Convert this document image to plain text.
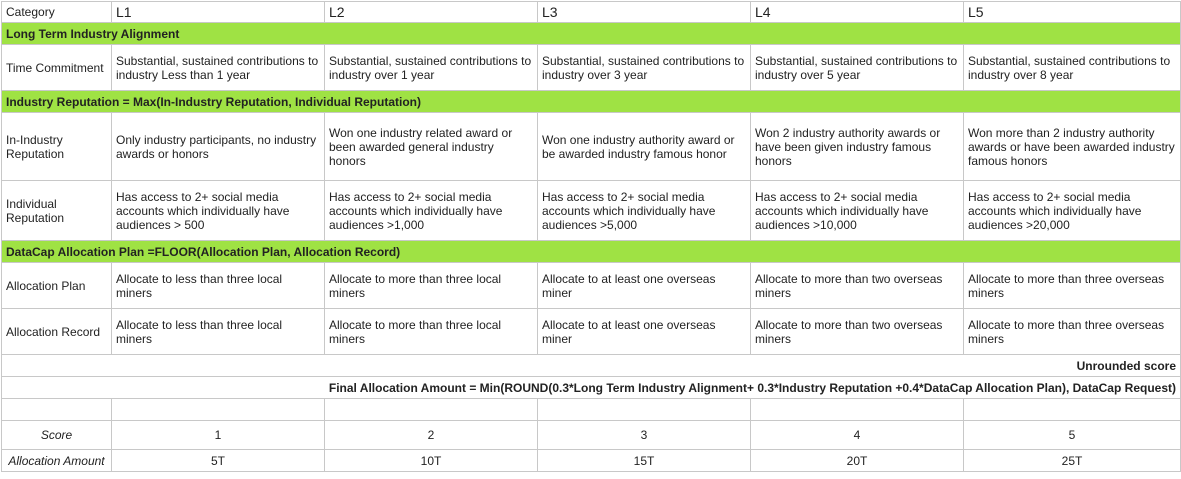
Category	L1	L2	L3	L4	L5
Long Term Industry Alignment					
Time Commitment	Substantial, sustained contributions to industry Less than 1 year	Substantial, sustained contributions to industry over 1 year	Substantial, sustained contributions to industry over 3 year	Substantial, sustained contributions to industry over 5 year	Substantial, sustained contributions to industry over 8 year
Industry Reputation = Max(In-Industry Reputation, Individual Reputation)					
In-Industry Reputation	Only industry participants, no industry awards or honors	Won one industry related award or been awarded general industry honors	Won one industry authority award or be awarded industry famous honor	Won 2 industry authority awards or have been given industry famous honors	Won more than 2 industry authority awards or have been awarded industry famous honors
Individual Reputation	Has access to 2+ social media accounts which individually have audiences > 500	Has access to 2+ social media accounts which individually have audiences >1,000	Has access to 2+ social media accounts which individually have audiences >5,000	Has access to 2+ social media accounts which individually have audiences >10,000	Has access to 2+ social media accounts which individually have audiences >20,000
DataCap Allocation Plan =FLOOR(Allocation Plan, Allocation Record)					
Allocation Plan	Allocate to less than three local miners	Allocate to more than three local miners	Allocate to at least one overseas miner	Allocate to more than two overseas miners	Allocate to more than three overseas miners
Allocation Record	Allocate to less than three local miners	Allocate to more than three local miners	Allocate to at least one overseas miner	Allocate to more than two overseas miners	Allocate to more than three overseas miners
Unrounded score					
Final Allocation Amount = Min(ROUND(0.3*Long Term Industry Alignment+ 0.3*Industry Reputation +0.4*DataCap Allocation Plan), DataCap Request)					

Score	1	2	3	4	5
Allocation Amount	5T	10T	15T	20T	25T
